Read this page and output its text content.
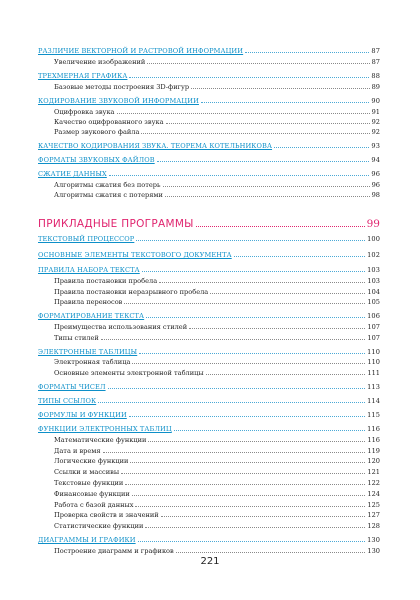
РАЗЛИЧИЕ ВЕКТОРНОЙ И РАСТРОВОЙ ИНФОРМАЦИИ	87
Увеличение изображений	87
ТРЕХМЕРНАЯ ГРАФИКА	88
Базовые методы построения 3D-фигур	89
КОДИРОВАНИЕ ЗВУКОВОЙ ИНФОРМАЦИИ	90
Оцифровка звука	91
Качество оцифрованного звука	92
Размер звукового файла	92
КАЧЕСТВО КОДИРОВАНИЯ ЗВУКА. ТЕОРЕМА КОТЕЛЬНИКОВА	93
ФОРМАТЫ ЗВУКОВЫХ ФАЙЛОВ	94
СЖАТИЕ ДАННЫХ	96
Алгоритмы сжатия без потерь	96
Алгоритмы сжатия с потерями	98
ПРИКЛАДНЫЕ ПРОГРАММЫ	99
ТЕКСТОВЫЙ ПРОЦЕССОР	100
ОСНОВНЫЕ ЭЛЕМЕНТЫ ТЕКСТОВОГО ДОКУМЕНТА	102
ПРАВИЛА НАБОРА ТЕКСТА	103
Правила постановки пробела	103
Правила постановки неразрывного пробела	104
Правила переносов	105
ФОРМАТИРОВАНИЕ ТЕКСТА	106
Преимущества использования стилей	107
Типы стилей	107
ЭЛЕКТРОННЫЕ ТАБЛИЦЫ	110
Электронная таблица	110
Основные элементы электронной таблицы	111
ФОРМАТЫ ЧИСЕЛ	113
ТИПЫ ССЫЛОК	114
ФОРМУЛЫ И ФУНКЦИИ	115
ФУНКЦИИ ЭЛЕКТРОННЫХ ТАБЛИЦ	116
Математические функции	116
Дата и время	119
Логические функции	120
Ссылки и массивы	121
Текстовые функции	122
Финансовые функции	124
Работа с базой данных	125
Проверка свойств и значений	127
Статистические функции	128
ДИАГРАММЫ И ГРАФИКИ	130
Построение диаграмм и графиков	130
221
